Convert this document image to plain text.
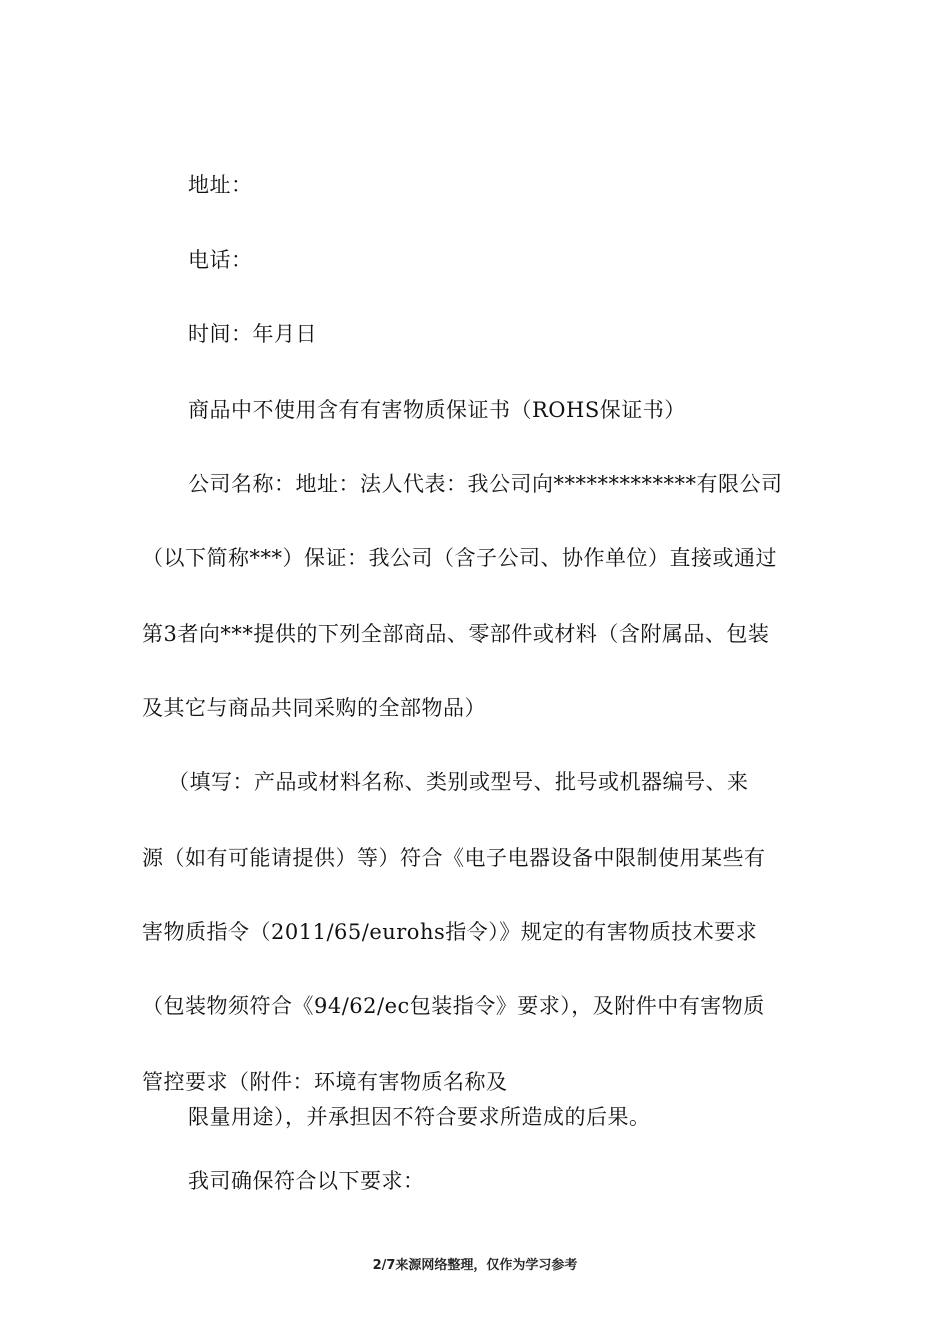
地址：
电话：
时间：年月日
商品中不使用含有有害物质保证书（ROHS保证书）
公司名称：地址：法人代表：我公司向*************有限公司
（以下简称***）保证：我公司（含子公司、协作单位）直接或通过
第3者向***提供的下列全部商品、零部件或材料（含附属品、包装
及其它与商品共同采购的全部物品）
（填写：产品或材料名称、类别或型号、批号或机器编号、来
源（如有可能请提供）等）符合《电子电器设备中限制使用某些有
害物质指令（2011/65/eurohs指令）》规定的有害物质技术要求
（包装物须符合《94/62/ec包装指令》要求），及附件中有害物质
管控要求（附件：环境有害物质名称及
限量用途），并承担因不符合要求所造成的后果。
我司确保符合以下要求：
2/7来源网络整理，仅作为学习参考
